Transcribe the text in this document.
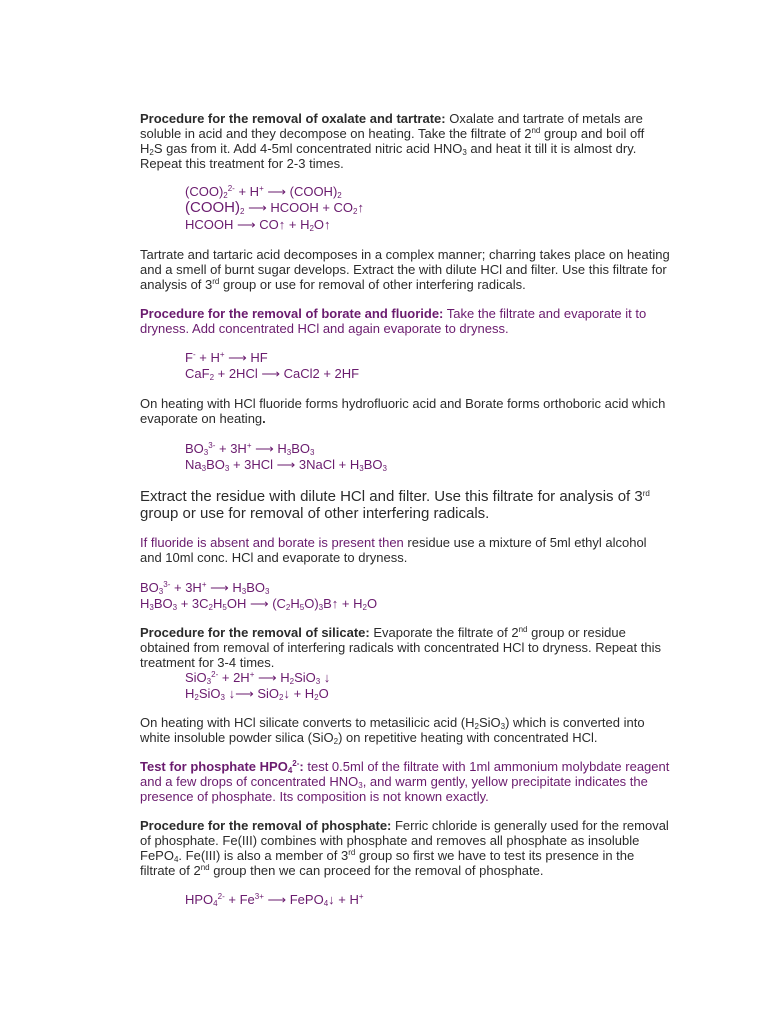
Procedure for the removal of oxalate and tartrate: Oxalate and tartrate of metals are soluble in acid and they decompose on heating. Take the filtrate of 2nd group and boil off $H_2S$ gas from it. Add 4-5ml concentrated nitric acid $HNO_3$ and heat it till it is almost dry. Repeat this treatment for 2-3 times.
$(COO)_2^{2-} + H^+$ ⟶ $(COOH)_2$
$(COOH)_2$ ⟶ HCOOH + $CO_2↑$
HCOOH ⟶ CO↑ + $H_2O↑$
Tartrate and tartaric acid decomposes in a complex manner; charring takes place on heating and a smell of burnt sugar develops. Extract the with dilute HCl and filter. Use this filtrate for analysis of 3rd group or use for removal of other interfering radicals.
Procedure for the removal of borate and fluoride: Take the filtrate and evaporate it to dryness. Add concentrated HCl and again evaporate to dryness.
F- + H+ ⟶ HF
CaF$_2$ + 2HCl ⟶ CaCl2 + 2HF
On heating with HCl fluoride forms hydrofluoric acid and Borate forms orthoboric acid which evaporate on heating.
$BO_3^{3-} + 3H^+$ ⟶ $H_3BO_3$
$Na_3BO_3 + 3HCl$ ⟶ 3NaCl + $H_3BO_3$
Extract the residue with dilute HCl and filter. Use this filtrate for analysis of 3rd group or use for removal of other interfering radicals.
If fluoride is absent and borate is present then residue use a mixture of 5ml ethyl alcohol and 10ml conc. HCl and evaporate to dryness.
$BO_3^{3-} + 3H^+$ ⟶ $H_3BO_3$
$H_3BO_3 + 3C_2H_5OH$ ⟶ $(C_2H_5O)_3B↑ + H_2O$
Procedure for the removal of silicate: Evaporate the filtrate of 2nd group or residue obtained from removal of interfering radicals with concentrated HCl to dryness. Repeat this treatment for 3-4 times.
SiO$_3^{2-}$ + 2H+ ⟶ $H_2SiO_3$ ↓
$H_2SiO_3$ ↓⟶ SiO$_2$↓ + $H_2O$
On heating with HCl silicate converts to metasilicic acid $(H_2SiO_3)$ which is converted into white insoluble powder silica (SiO$_2$) on repetitive heating with concentrated HCl.
Test for phosphate $HPO_4^{2-}$: test 0.5ml of the filtrate with 1ml ammonium molybdate reagent and a few drops of concentrated $HNO_3$, and warm gently, yellow precipitate indicates the presence of phosphate. Its composition is not known exactly.
Procedure for the removal of phosphate: Ferric chloride is generally used for the removal of phosphate. Fe(III) combines with phosphate and removes all phosphate as insoluble FePO$_4$. Fe(III) is also a member of 3rd group so first we have to test its presence in the filtrate of 2nd group then we can proceed for the removal of phosphate.
$HPO_4^{2-} + Fe^{3+}$ ⟶ FePO$_4$↓ + H+
